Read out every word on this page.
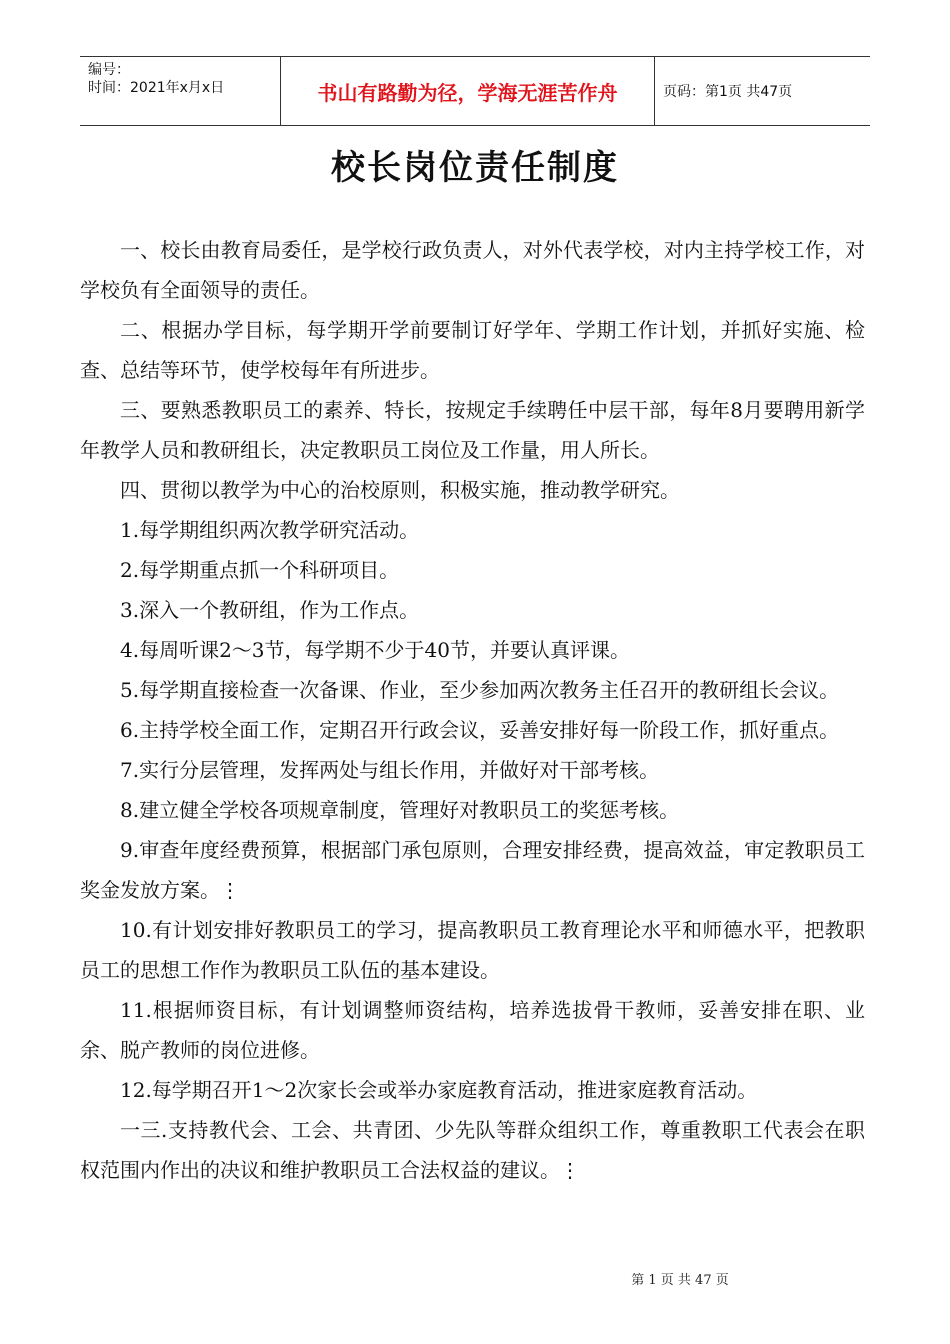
编号：
时间：2021年x月x日	书山有路勤为径，学海无涯苦作舟	页码：第1页 共47页
校长岗位责任制度

一、校长由教育局委任，是学校行政负责人，对外代表学校，对内主持学校工作，对学校负有全面领导的责任。

二、根据办学目标，每学期开学前要制订好学年、学期工作计划，并抓好实施、检查、总结等环节，使学校每年有所进步。

三、要熟悉教职员工的素养、特长，按规定手续聘任中层干部，每年8月要聘用新学年教学人员和教研组长，决定教职员工岗位及工作量，用人所长。

四、贯彻以教学为中心的治校原则，积极实施，推动教学研究。

1.每学期组织两次教学研究活动。

2.每学期重点抓一个科研项目。

3.深入一个教研组，作为工作点。

4.每周听课2～3节，每学期不少于40节，并要认真评课。

5.每学期直接检查一次备课、作业，至少参加两次教务主任召开的教研组长会议。

6.主持学校全面工作，定期召开行政会议，妥善安排好每一阶段工作，抓好重点。

7.实行分层管理，发挥两处与组长作用，并做好对干部考核。

8.建立健全学校各项规章制度，管理好对教职员工的奖惩考核。

9.审查年度经费预算，根据部门承包原则，合理安排经费，提高效益，审定教职员工奖金发放方案。⋮

10.有计划安排好教职员工的学习，提高教职员工教育理论水平和师德水平，把教职员工的思想工作作为教职员工队伍的基本建设。

11.根据师资目标，有计划调整师资结构，培养选拔骨干教师，妥善安排在职、业余、脱产教师的岗位进修。

12.每学期召开1～2次家长会或举办家庭教育活动，推进家庭教育活动。

一三.支持教代会、工会、共青团、少先队等群众组织工作，尊重教职工代表会在职权范围内作出的决议和维护教职员工合法权益的建议。⋮

第 1 页 共 47 页
